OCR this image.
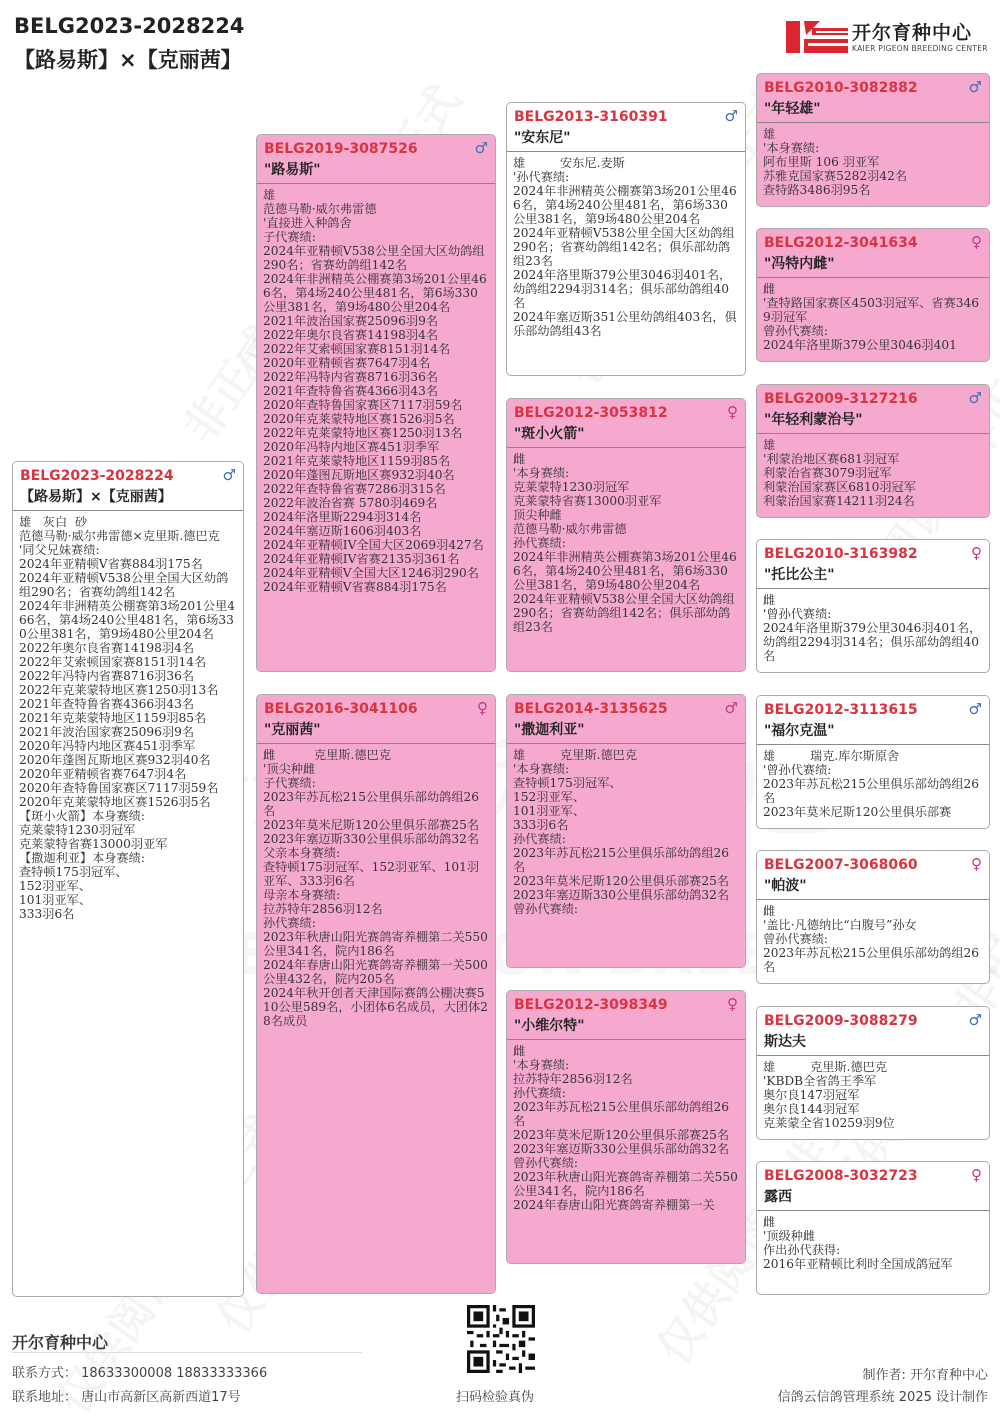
BELG2023-2028224
【路易斯】×【克丽茜】
开尔育种中心
KAIER PIGEON BREEDING CENTER
BELG2023-2028224
【路易斯】×【克丽茜】
♂
雄   灰白  砂
范德马勒·威尔弗雷德×克里斯.德巴克
'同父兄妹赛绩:
2024年亚精顿V省赛884羽175名
2024年亚精顿V538公里全国大区幼鸽组290名；省赛幼鸽组142名
2024年非洲精英公棚赛第3场201公里466名，第4场240公里481名，第6场330公里381名，第9场480公里204名
2022年奥尔良省赛14198羽4名
2022年艾索顿国家赛8151羽14名
2022年冯特内省赛8716羽36名
2022年克莱蒙特地区赛1250羽13名
2021年查特鲁省赛4366羽43名
2021年克莱蒙特地区1159羽85名
2021年波治国家赛25096羽9名
2020年冯特内地区赛451羽季军
2020年蓬图瓦斯地区赛932羽40名
2020年亚精顿省赛7647羽4名
2020年查特鲁国家赛区7117羽59名
2020年克莱蒙特地区赛1526羽5名
【斑小火箭】本身赛绩:
克莱蒙特1230羽冠军
克莱蒙特省赛13000羽亚军
【撒迦利亚】本身赛绩:
查特顿175羽冠军、
152羽亚军、
101羽亚军、
333羽6名
BELG2019-3087526
"路易斯"
♂
雄
范德马勒·威尔弗雷德
'直接进入种鸽舍
子代赛绩:
2024年亚精顿V538公里全国大区幼鸽组290名；省赛幼鸽组142名
2024年非洲精英公棚赛第3场201公里466名，第4场240公里481名，第6场330公里381名，第9场480公里204名
2021年波治国家赛25096羽9名
2022年奥尔良省赛14198羽4名
2022年艾索顿国家赛8151羽14名
2020年亚精顿省赛7647羽4名
2022年冯特内省赛8716羽36名
2021年查特鲁省赛4366羽43名
2020年查特鲁国家赛区7117羽59名
2020年克莱蒙特地区赛1526羽5名
2022年克莱蒙特地区赛1250羽13名
2020年冯特内地区赛451羽季军
2021年克莱蒙特地区1159羽85名
2020年蓬图瓦斯地区赛932羽40名
2022年查特鲁省赛7286羽315名
2022年波治省赛 5780羽469名
2024年洛里斯2294羽314名
2024年塞迈斯1606羽403名
2024年亚精顿IV全国大区2069羽427名
2024年亚精顿IV省赛2135羽361名
2024年亚精顿V全国大区1246羽290名
2024年亚精顿V省赛884羽175名
BELG2016-3041106
"克丽茜"
♀
雌          克里斯.德巴克
'顶尖种雌
子代赛绩:
2023年苏瓦松215公里俱乐部幼鸽组26名
2023年莫米尼斯120公里俱乐部赛25名
2023年塞迈斯330公里俱乐部幼鸽32名
父亲本身赛绩:
查特顿175羽冠军、152羽亚军、101羽亚军、333羽6名
母亲本身赛绩:
拉苏特年2856羽12名
孙代赛绩:
2023年秋唐山阳光赛鸽寄养棚第二关550公里341名，院内186名
2024年春唐山阳光赛鸽寄养棚第一关500公里432名，院内205名
2024年秋开创者天津国际赛鸽公棚决赛510公里589名，小团体6名成员，大团体28名成员
BELG2013-3160391
"安东尼"
♂
雄         安东尼.麦斯
'孙代赛绩:
2024年非洲精英公棚赛第3场201公里466名，第4场240公里481名，第6场330公里381名，第9场480公里204名
2024年亚精顿V538公里全国大区幼鸽组290名；省赛幼鸽组142名；俱乐部幼鸽组23名
2024年洛里斯379公里3046羽401名，幼鸽组2294羽314名；俱乐部幼鸽组40名
2024年塞迈斯351公里幼鸽组403名，俱乐部幼鸽组43名
BELG2012-3053812
"斑小火箭"
♀
雌
'本身赛绩:
克莱蒙特1230羽冠军
克莱蒙特省赛13000羽亚军
顶尖种雌
范德马勒·威尔弗雷德
孙代赛绩:
2024年非洲精英公棚赛第3场201公里466名，第4场240公里481名，第6场330公里381名，第9场480公里204名
2024年亚精顿V538公里全国大区幼鸽组290名；省赛幼鸽组142名；俱乐部幼鸽组23名
BELG2014-3135625
"撒迦利亚"
♂
雄         克里斯.德巴克
'本身赛绩:
查特顿175羽冠军、
152羽亚军、
101羽亚军、
333羽6名
孙代赛绩:
2023年苏瓦松215公里俱乐部幼鸽组26名
2023年莫米尼斯120公里俱乐部赛25名
2023年塞迈斯330公里俱乐部幼鸽32名
曾孙代赛绩:
BELG2012-3098349
"小维尔特"
♀
雌
'本身赛绩:
拉苏特年2856羽12名
孙代赛绩:
2023年苏瓦松215公里俱乐部幼鸽组26名
2023年莫米尼斯120公里俱乐部赛25名
2023年塞迈斯330公里俱乐部幼鸽32名
曾孙代赛绩:
2023年秋唐山阳光赛鸽寄养棚第二关550公里341名，院内186名
2024年春唐山阳光赛鸽寄养棚第一关
BELG2010-3082882
"年轻雄"
♂
雄
'本身赛绩:
阿布里斯 106 羽亚军
苏雅克国家赛5282羽42名
查特路3486羽95名
BELG2012-3041634
"冯特内雌"
♀
雌
'查特路国家赛区4503羽冠军、省赛3469羽冠军
曾孙代赛绩:
2024年洛里斯379公里3046羽401
BELG2009-3127216
"年轻利蒙治号"
♂
雄
'利蒙治地区赛681羽冠军
利蒙治省赛3079羽冠军
利蒙治国家赛区6810羽冠军
利蒙治国家赛14211羽24名
BELG2010-3163982
"托比公主"
♀
雌
'曾孙代赛绩:
2024年洛里斯379公里3046羽401名，幼鸽组2294羽314名；俱乐部幼鸽组40名
BELG2012-3113615
"福尔克温"
♂
雄         瑞克.库尔斯原舍
'曾孙代赛绩:
2023年苏瓦松215公里俱乐部幼鸽组26名
2023年莫米尼斯120公里俱乐部赛
BELG2007-3068060
"帕波"
♀
雌
'盖比·凡德纳比“白腹号”孙女
曾孙代赛绩:
2023年苏瓦松215公里俱乐部幼鸽组26名
BELG2009-3088279
斯达夫
♂
雄         克里斯.德巴克
'KBDB全省鸽王季军
奥尔良147羽冠军
奥尔良144羽冠军
克莱蒙全省10259羽9位
BELG2008-3032723
露西
♀
雌
'顶级种雌
作出孙代获得:
2016年亚精顿比利时全国成鸽冠军
开尔育种中心
联系方式： 18633300008 18833333366
联系地址： 唐山市高新区高新西道17号	扫码检验真伪
制作者: 开尔育种中心
信鸽云信鸽管理系统 2025 设计制作
